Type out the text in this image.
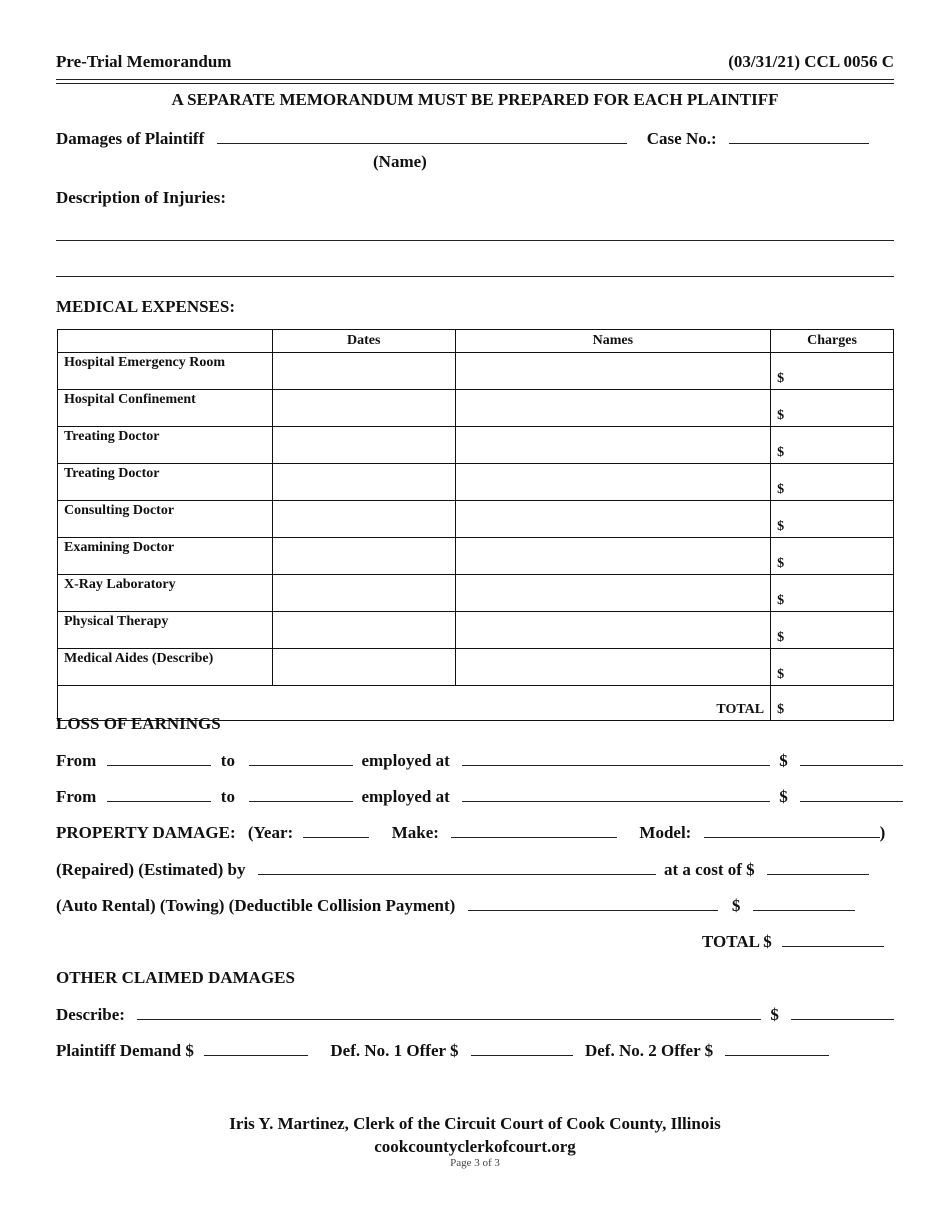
Pre-Trial Memorandum	(03/31/21) CCL 0056 C
A SEPARATE MEMORANDUM MUST BE PREPARED FOR EACH PLAINTIFF
Damages of Plaintiff	Case No.:
(Name)
Description of Injuries:
MEDICAL EXPENSES:
	Dates	Names	Charges
Hospital Emergency Room			$
Hospital Confinement			$
Treating Doctor			$
Treating Doctor			$
Consulting Doctor			$
Examining Doctor			$
X-Ray Laboratory			$
Physical Therapy			$
Medical Aides (Describe)			$
TOTAL			$
LOSS OF EARNINGS
From	to	employed at	$
From	to	employed at	$
PROPERTY DAMAGE: (Year:	Make:	Model:	)
(Repaired) (Estimated) by	at a cost of $
(Auto Rental) (Towing) (Deductible Collision Payment)	$
TOTAL $
OTHER CLAIMED DAMAGES
Describe:	$
Plaintiff Demand $	Def. No. 1 Offer $	Def. No. 2 Offer $
Iris Y. Martinez, Clerk of the Circuit Court of Cook County, Illinois
cookcountyclerkofcourt.org
Page 3 of 3
